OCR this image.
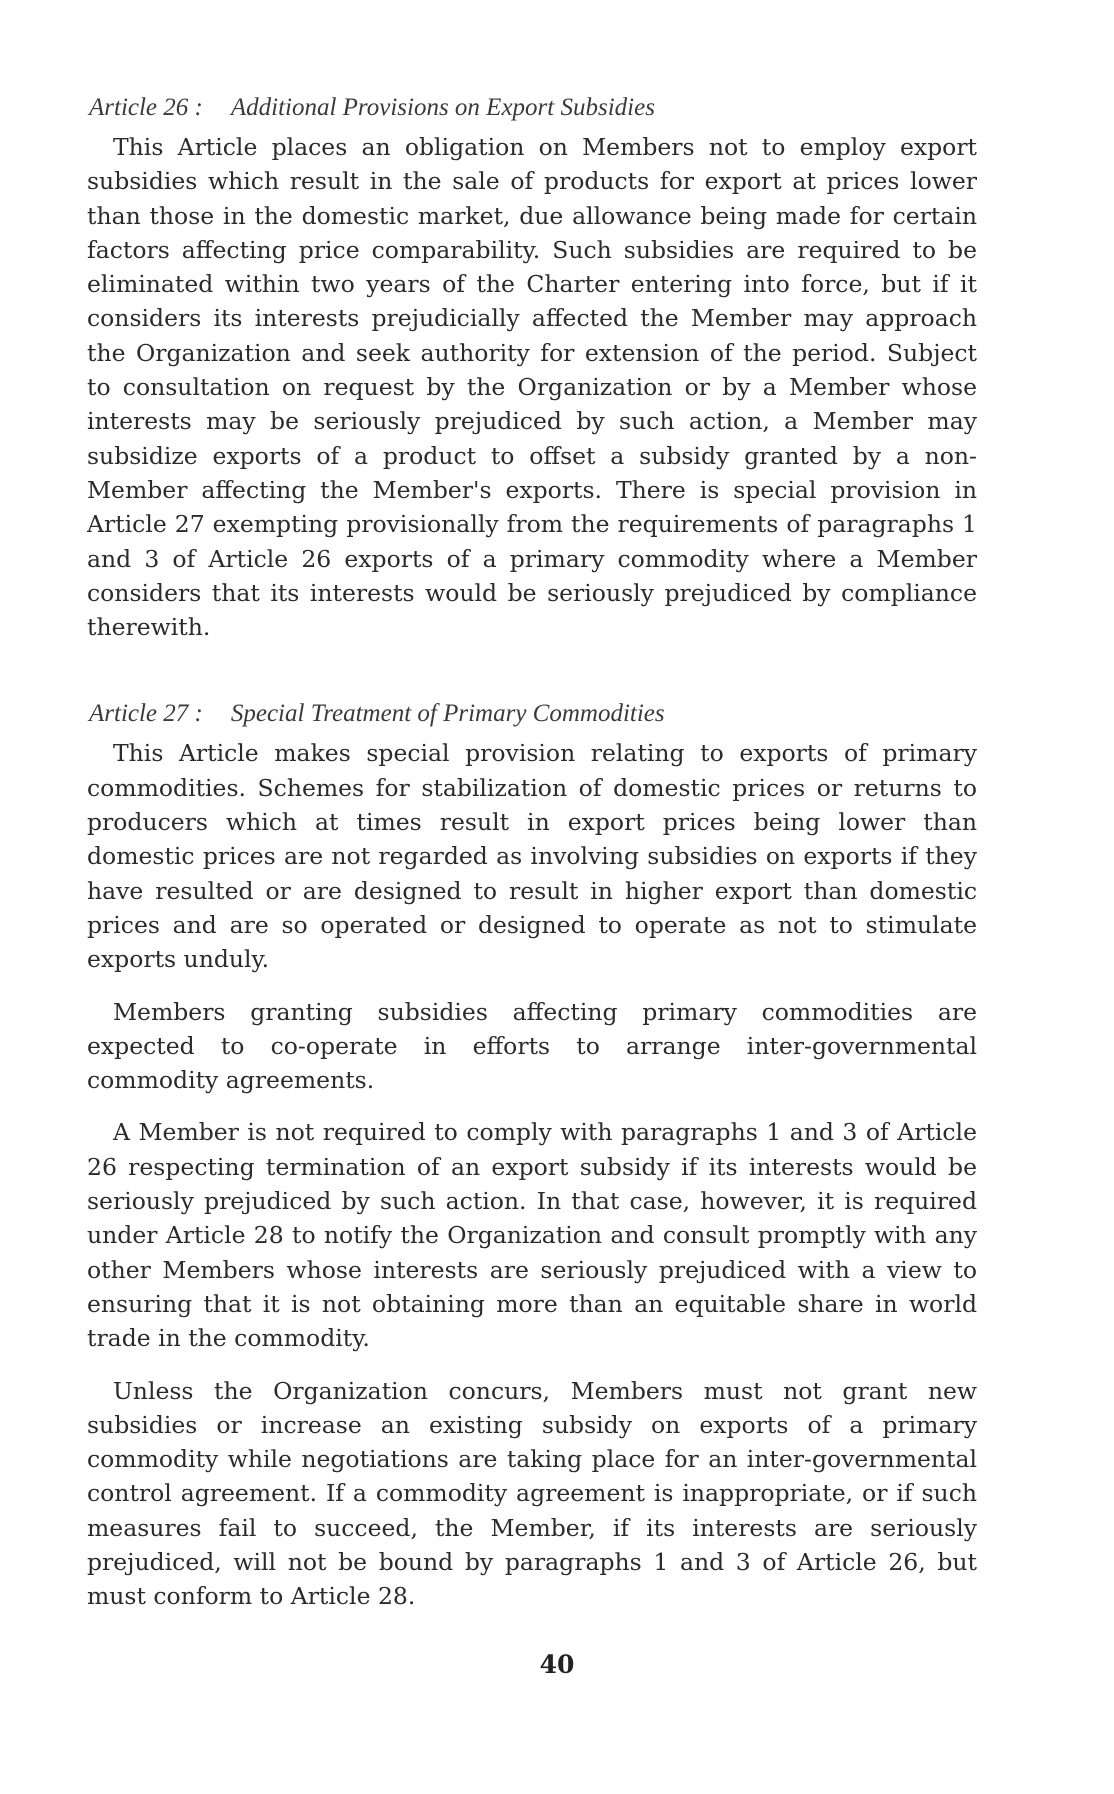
Article 26 : Additional Provisions on Export Subsidies

This Article places an obligation on Members not to employ export subsidies which result in the sale of products for export at prices lower than those in the domestic market, due allowance being made for certain factors affecting price comparability. Such subsidies are required to be eliminated within two years of the Charter entering into force, but if it considers its interests prejudicially affected the Member may approach the Organization and seek authority for extension of the period. Subject to consultation on request by the Organization or by a Member whose interests may be seriously prejudiced by such action, a Member may subsidize exports of a product to offset a subsidy granted by a non-Member affecting the Member's exports. There is special provision in Article 27 exempting provisionally from the requirements of paragraphs 1 and 3 of Article 26 exports of a primary commodity where a Member considers that its interests would be seriously prejudiced by compliance therewith.

Article 27 : Special Treatment of Primary Commodities

This Article makes special provision relating to exports of primary commodities. Schemes for stabilization of domestic prices or returns to producers which at times result in export prices being lower than domestic prices are not regarded as involving subsidies on exports if they have resulted or are designed to result in higher export than domestic prices and are so operated or designed to operate as not to stimulate exports unduly.

Members granting subsidies affecting primary commodities are expected to co-operate in efforts to arrange inter-governmental commodity agreements.

A Member is not required to comply with paragraphs 1 and 3 of Article 26 respecting termination of an export subsidy if its interests would be seriously prejudiced by such action. In that case, however, it is required under Article 28 to notify the Organization and consult promptly with any other Members whose interests are seriously prejudiced with a view to ensuring that it is not obtaining more than an equitable share in world trade in the commodity.

Unless the Organization concurs, Members must not grant new subsidies or increase an existing subsidy on exports of a primary commodity while negotiations are taking place for an inter-governmental control agreement. If a commodity agreement is inappropriate, or if such measures fail to succeed, the Member, if its interests are seriously prejudiced, will not be bound by paragraphs 1 and 3 of Article 26, but must conform to Article 28.

40
